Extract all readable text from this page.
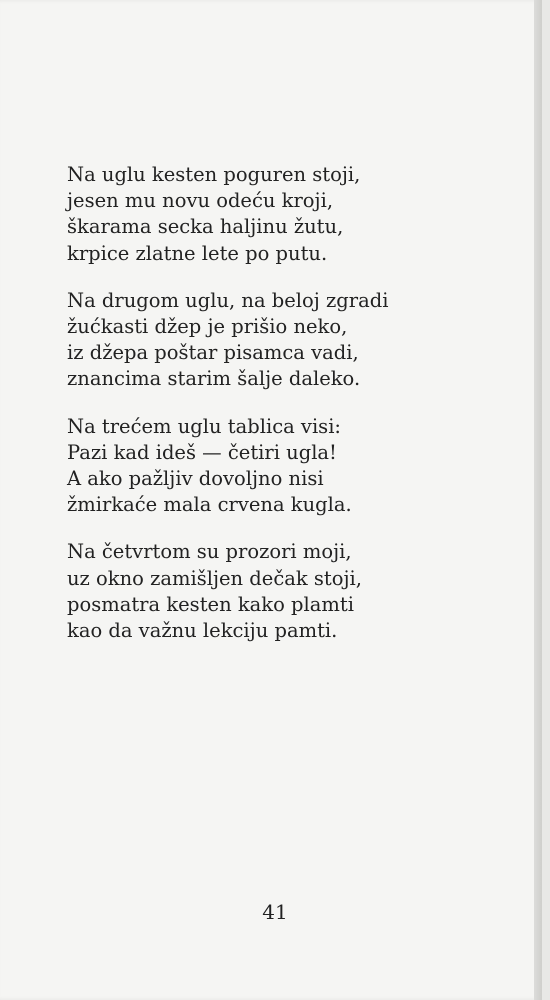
Na uglu kesten poguren stoji,
jesen mu novu odeću kroji,
škarama secka haljinu žutu,
krpice zlatne lete po putu.
Na drugom uglu, na beloj zgradi
žućkasti džep je prišio neko,
iz džepa poštar pisamca vadi,
znancima starim šalje daleko.
Na trećem uglu tablica visi:
Pazi kad ideš — četiri ugla!
A ako pažljiv dovoljno nisi
žmirkaće mala crvena kugla.
Na četvrtom su prozori moji,
uz okno zamišljen dečak stoji,
posmatra kesten kako plamti
kao da važnu lekciju pamti.
41
